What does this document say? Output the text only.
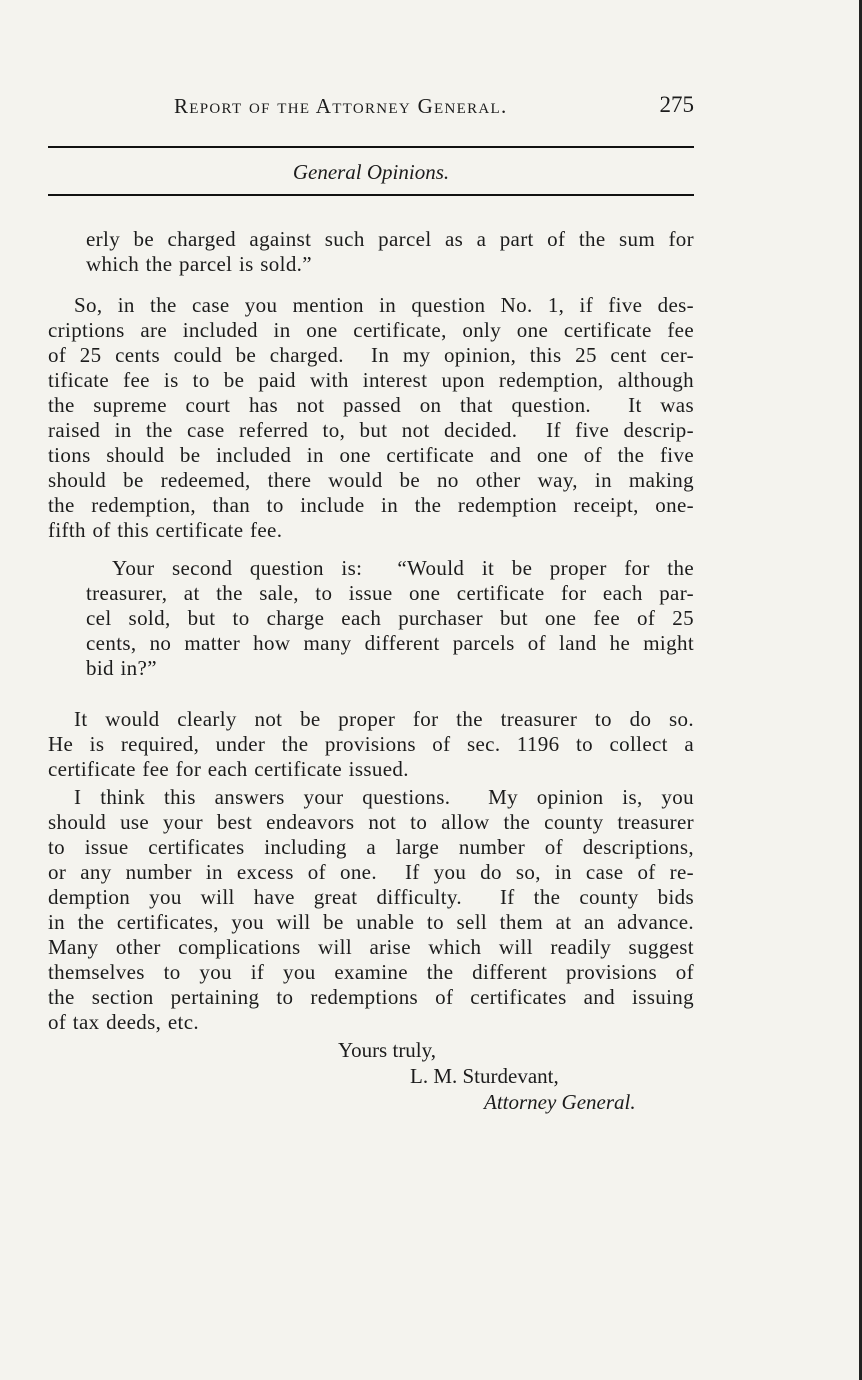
Report of the Attorney General.	275
General Opinions.
erly be charged against such parcel as a part of the sum for
which the parcel is sold.”
So, in the case you mention in question No. 1, if five des-
criptions are included in one certificate, only one certificate fee
of 25 cents could be charged.  In my opinion, this 25 cent cer-
tificate fee is to be paid with interest upon redemption, although
the supreme court has not passed on that question.  It was
raised in the case referred to, but not decided.  If five descrip-
tions should be included in one certificate and one of the five
should be redeemed, there would be no other way, in making
the redemption, than to include in the redemption receipt, one-
fifth of this certificate fee.
Your second question is:  “Would it be proper for the
treasurer, at the sale, to issue one certificate for each par-
cel sold, but to charge each purchaser but one fee of 25
cents, no matter how many different parcels of land he might
bid in?”
It would clearly not be proper for the treasurer to do so.
He is required, under the provisions of sec. 1196 to collect a
certificate fee for each certificate issued.
I think this answers your questions.  My opinion is, you
should use your best endeavors not to allow the county treasurer
to issue certificates including a large number of descriptions,
or any number in excess of one.  If you do so, in case of re-
demption you will have great difficulty.  If the county bids
in the certificates, you will be unable to sell them at an advance.
Many other complications will arise which will readily suggest
themselves to you if you examine the different provisions of
the section pertaining to redemptions of certificates and issuing
of tax deeds, etc.
Yours truly,
L. M. Sturdevant,
Attorney General.
